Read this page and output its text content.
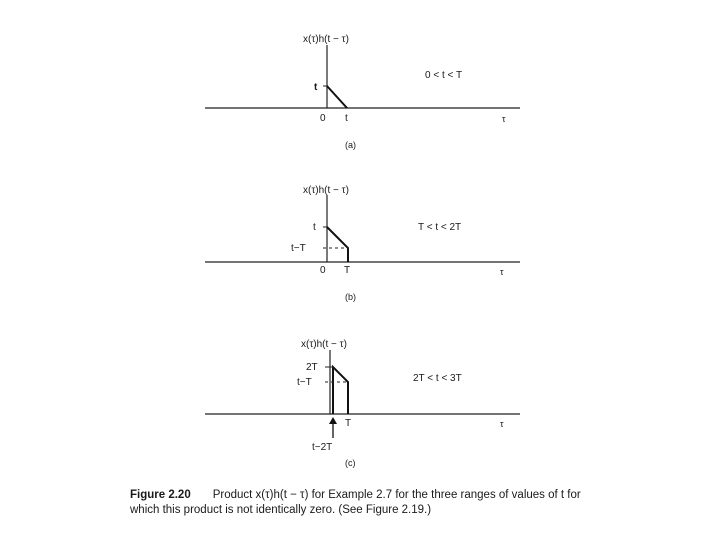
x(τ)h(t − τ)
0 < t < T
t
0 t	τ
(a)
x(τ)h(t − τ)
T < t < 2T
t
t−T
0 T	τ
(b)
x(τ)h(t − τ)
2T < t < 3T
2T
t−T
T
t−2T
τ
(c)
Figure 2.20 Product x(τ)h(t − τ) for Example 2.7 for the three ranges of values of t for which this product is not identically zero. (See Figure 2.19.)
